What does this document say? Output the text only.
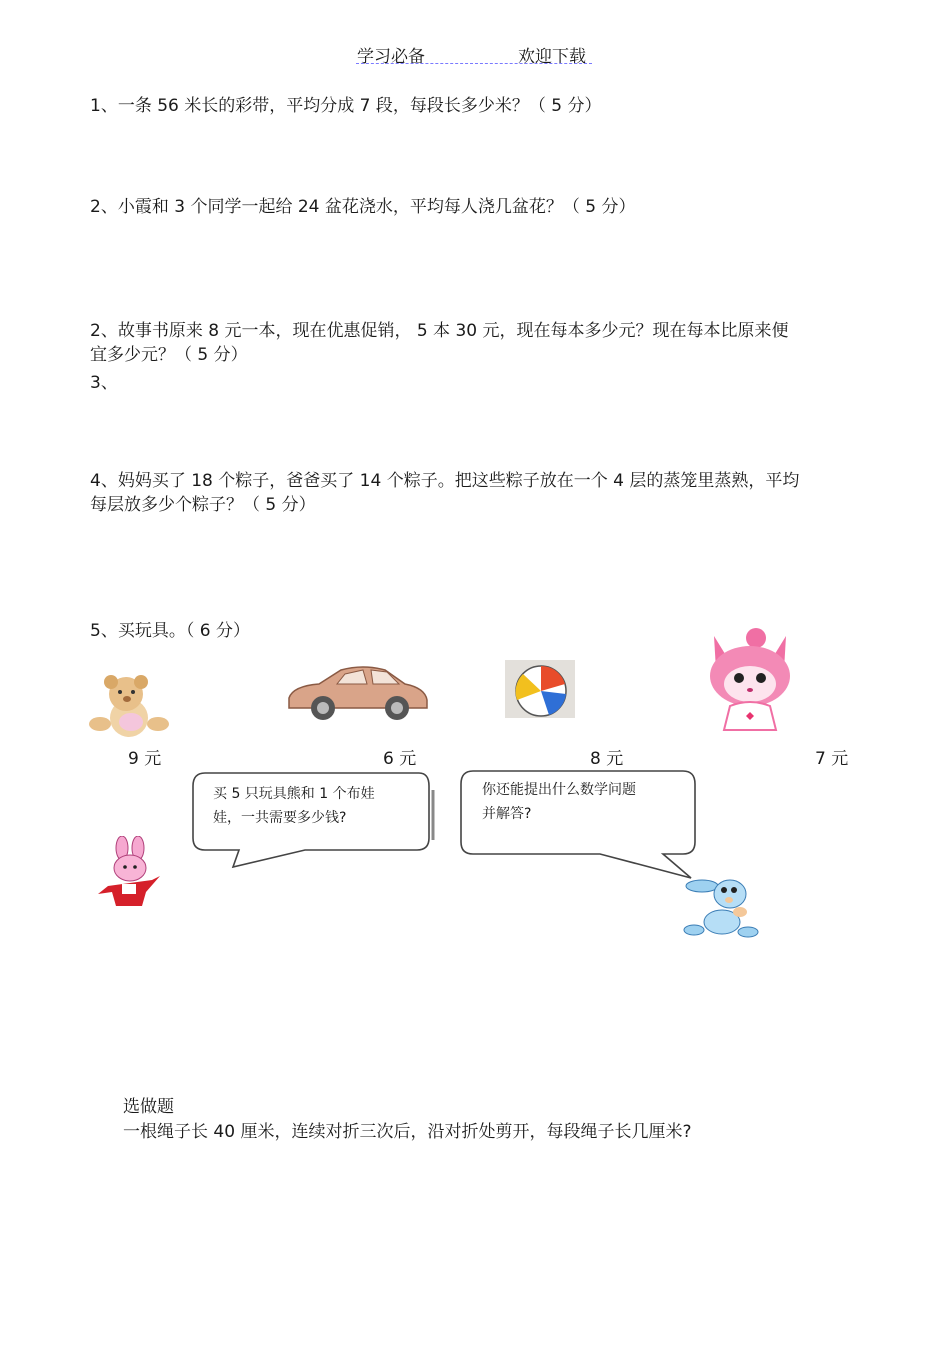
学习必备	欢迎下载
1、一条 56 米长的彩带，平均分成 7 段，每段长多少米？（ 5 分）
2、小霞和 3 个同学一起给 24 盆花浇水，平均每人浇几盆花？（ 5 分）
2、故事书原来 8 元一本，现在优惠促销， 5 本 30 元，现在每本多少元？现在每本比原来便
宜多少元？（ 5 分）
3、
4、妈妈买了 18 个粽子，爸爸买了 14 个粽子。把这些粽子放在一个 4 层的蒸笼里蒸熟，平均
每层放多少个粽子？（ 5 分）
5、买玩具。（ 6 分）
9 元	6 元	8 元	7 元
买 5 只玩具熊和 1 个布娃
娃，一共需要多少钱?
你还能提出什么数学问题
并解答?
选做题
一根绳子长 40 厘米，连续对折三次后，沿对折处剪开，每段绳子长几厘米?
